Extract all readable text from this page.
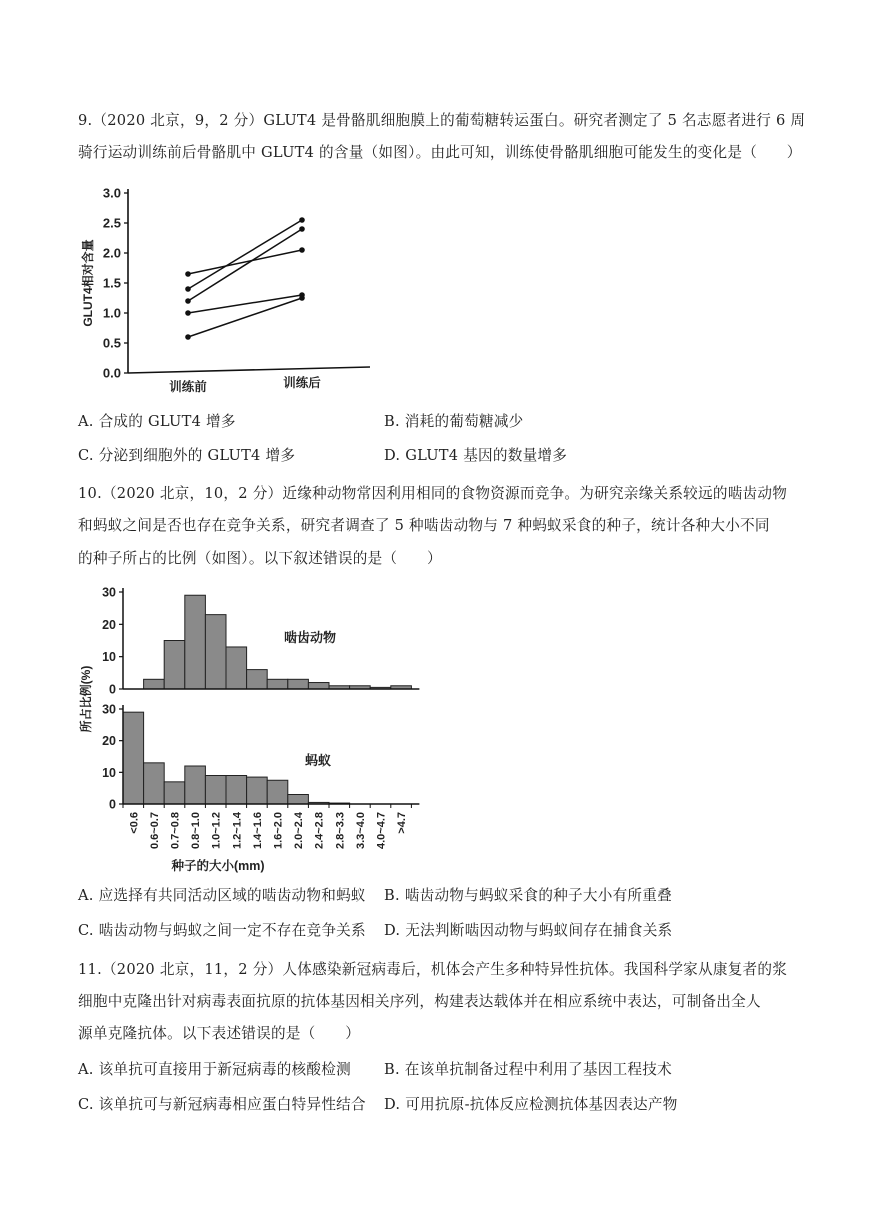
9.（2020 北京，9，2 分）GLUT4 是骨骼肌细胞膜上的葡萄糖转运蛋白。研究者测定了 5 名志愿者进行 6 周
骑行运动训练前后骨骼肌中 GLUT4 的含量（如图）。由此可知，训练使骨骼肌细胞可能发生的变化是（　　）
0.0
0.5
1.0
1.5
2.0
2.5
3.0
GLUT4相对含量
训练前	训练后
A. 合成的 GLUT4 增多	B. 消耗的葡萄糖减少
C. 分泌到细胞外的 GLUT4 增多	D. GLUT4 基因的数量增多
10.（2020 北京，10，2 分）近缘种动物常因利用相同的食物资源而竞争。为研究亲缘关系较远的啮齿动物
和蚂蚁之间是否也存在竞争关系，研究者调查了 5 种啮齿动物与 7 种蚂蚁采食的种子，统计各种大小不同
的种子所占的比例（如图）。以下叙述错误的是（　　）
0
10
20
30
啮齿动物
0
10
20
30
蚂蚁
<0.6 0.6~0.7 0.7~0.8 0.8~1.0 1.0~1.2 1.2~1.4 1.4~1.6 1.6~2.0 2.0~2.4 2.4~2.8 2.8~3.3 3.3~4.0 4.0~4.7 >4.7
所占比例(%)
种子的大小(mm)
A. 应选择有共同活动区域的啮齿动物和蚂蚁 B. 啮齿动物与蚂蚁采食的种子大小有所重叠
C. 啮齿动物与蚂蚁之间一定不存在竞争关系 D. 无法判断啮因动物与蚂蚁间存在捕食关系
11.（2020 北京，11，2 分）人体感染新冠病毒后，机体会产生多种特异性抗体。我国科学家从康复者的浆
细胞中克隆出针对病毒表面抗原的抗体基因相关序列，构建表达载体并在相应系统中表达，可制备出全人
源单克隆抗体。以下表述错误的是（　　）
A. 该单抗可直接用于新冠病毒的核酸检测 B. 在该单抗制备过程中利用了基因工程技术
C. 该单抗可与新冠病毒相应蛋白特异性结合 D. 可用抗原-抗体反应检测抗体基因表达产物
